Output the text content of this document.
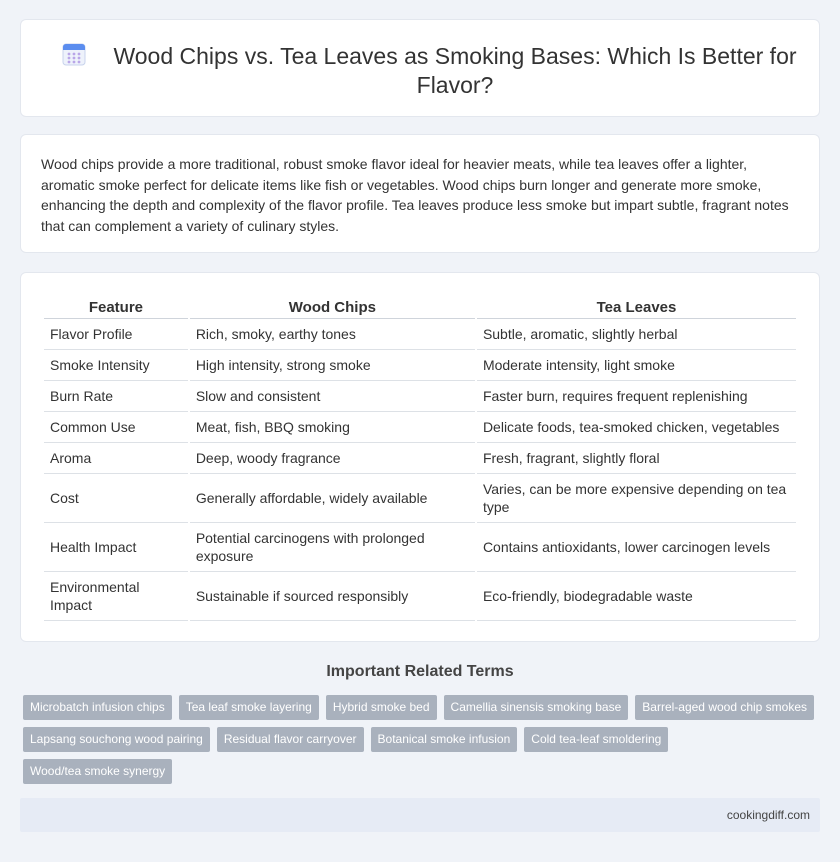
Wood Chips vs. Tea Leaves as Smoking Bases: Which Is Better for Flavor?

Wood chips provide a more traditional, robust smoke flavor ideal for heavier meats, while tea leaves offer a lighter, aromatic smoke perfect for delicate items like fish or vegetables. Wood chips burn longer and generate more smoke, enhancing the depth and complexity of the flavor profile. Tea leaves produce less smoke but impart subtle, fragrant notes that can complement a variety of culinary styles.

Feature	Wood Chips	Tea Leaves
Flavor Profile	Rich, smoky, earthy tones	Subtle, aromatic, slightly herbal
Smoke Intensity	High intensity, strong smoke	Moderate intensity, light smoke
Burn Rate	Slow and consistent	Faster burn, requires frequent replenishing
Common Use	Meat, fish, BBQ smoking	Delicate foods, tea-smoked chicken, vegetables
Aroma	Deep, woody fragrance	Fresh, fragrant, slightly floral
Cost	Generally affordable, widely available	Varies, can be more expensive depending on tea type
Health Impact	Potential carcinogens with prolonged exposure	Contains antioxidants, lower carcinogen levels
Environmental Impact	Sustainable if sourced responsibly	Eco-friendly, biodegradable waste
Important Related Terms
Microbatch infusion chips	Tea leaf smoke layering	Hybrid smoke bed	Camellia sinensis smoking base	Barrel-aged wood chip smokes
Lapsang souchong wood pairing	Residual flavor carryover	Botanical smoke infusion	Cold tea-leaf smoldering
Wood/tea smoke synergy
cookingdiff.com
